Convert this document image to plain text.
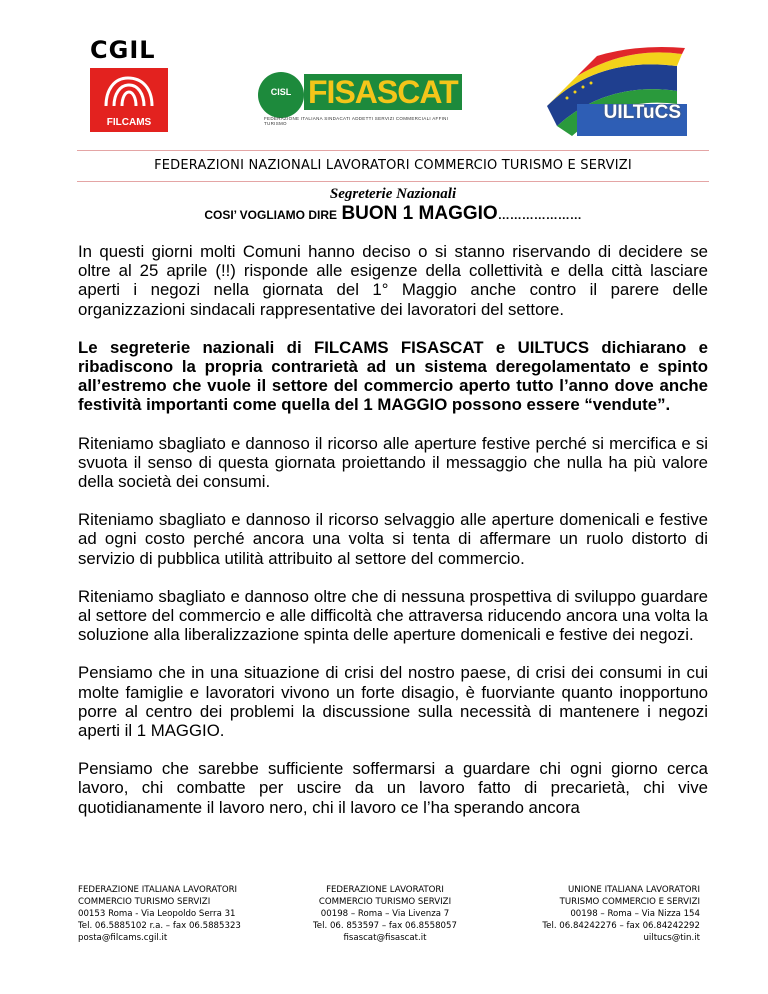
CGIL
FILCAMS
CISL FISASCAT
FEDERAZIONE ITALIANA SINDACATI ADDETTI SERVIZI COMMERCIALI AFFINI TURISMO
UILTuCS
FEDERAZIONI NAZIONALI LAVORATORI COMMERCIO TURISMO E SERVIZI
Segreterie Nazionali
COSI’ VOGLIAMO DIRE BUON 1 MAGGIO…………………

In questi giorni molti Comuni hanno deciso o si stanno riservando di decidere se oltre al 25 aprile (!!) risponde alle esigenze della collettività e della città lasciare aperti i negozi nella giornata del 1° Maggio anche contro il parere delle organizzazioni sindacali rappresentative dei lavoratori del settore.

Le segreterie nazionali di FILCAMS FISASCAT e UILTUCS dichiarano e ribadiscono la propria contrarietà ad un sistema deregolamentato e spinto all’estremo che vuole il settore del commercio aperto tutto l’anno dove anche festività importanti come quella del 1 MAGGIO possono essere “vendute”.

Riteniamo sbagliato e dannoso il ricorso alle aperture festive perché si mercifica e si svuota il senso di questa giornata proiettando il messaggio che nulla ha più valore della società dei consumi.

Riteniamo sbagliato e dannoso il ricorso selvaggio alle aperture domenicali e festive ad ogni costo perché ancora una volta si tenta di affermare un ruolo distorto di servizio di pubblica utilità attribuito al settore del commercio.

Riteniamo sbagliato e dannoso oltre che di nessuna prospettiva di sviluppo guardare al settore del commercio e alle difficoltà che attraversa riducendo ancora una volta la soluzione alla liberalizzazione spinta delle aperture domenicali e festive dei negozi.

Pensiamo che in una situazione di crisi del nostro paese, di crisi dei consumi in cui molte famiglie e lavoratori vivono un forte disagio, è fuorviante quanto inopportuno porre al centro dei problemi la discussione sulla necessità di mantenere i negozi aperti il 1 MAGGIO.

Pensiamo che sarebbe sufficiente soffermarsi a guardare chi ogni giorno cerca lavoro, chi combatte per uscire da un lavoro fatto di precarietà, chi vive quotidianamente il lavoro nero, chi il lavoro ce l’ha sperando ancora

FEDERAZIONE ITALIANA LAVORATORI
COMMERCIO TURISMO SERVIZI
00153 Roma - Via Leopoldo Serra 31
Tel. 06.5885102 r.a. – fax 06.5885323
posta@filcams.cgil.it
FEDERAZIONE LAVORATORI
COMMERCIO TURISMO SERVIZI
00198 – Roma – Via Livenza 7
Tel. 06. 853597 – fax 06.8558057
fisascat@fisascat.it
UNIONE ITALIANA LAVORATORI
TURISMO COMMERCIO E SERVIZI
00198 – Roma – Via Nizza 154
Tel. 06.84242276 – fax 06.84242292
uiltucs@tin.it
